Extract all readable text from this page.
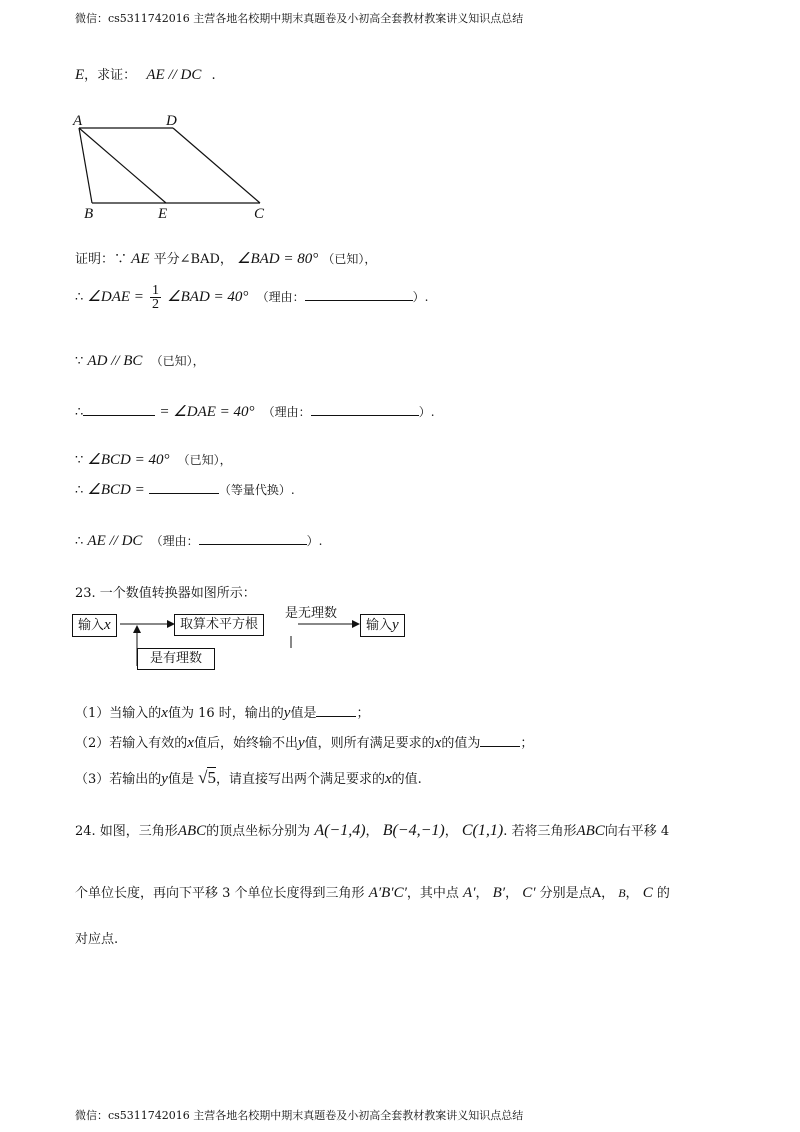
微信：cs5311742016 主营各地名校期中期末真题卷及小初高全套教材教案讲义知识点总结
微信：cs5311742016 主营各地名校期中期末真题卷及小初高全套教材教案讲义知识点总结
E，求证： AE // DC .
A	D
B	E	C
证明：∵ AE 平分∠BAD， ∠BAD = 80° （已知），
∴ ∠DAE = $\frac{1}{2}$ ∠BAD = 40° （理由：	）.
∵ AD // BC （已知），
∴	= ∠DAE = 40° （理由：	）.
∵ ∠BCD = 40° （已知），
∴ ∠BCD =	（等量代换）.
∴ AE // DC （理由：	）.
23. 一个数值转换器如图所示：
输入x	取算术平方根	输入y
是有理数
是无理数
（1）当输入的x值为 16 时，输出的y值是	；
（2）若输入有效的x值后，始终输不出y值，则所有满足要求的x的值为	；
（3）若输出的y值是 √5，请直接写出两个满足要求的x的值.
24. 如图，三角形ABC的顶点坐标分别为 A(−1,4)， B(−4,−1)， C(1,1). 若将三角形ABC向右平移 4
个单位长度，再向下平移 3 个单位长度得到三角形 A′B′C′，其中点 A′， B′， C′ 分别是点A， B， C 的
对应点.
